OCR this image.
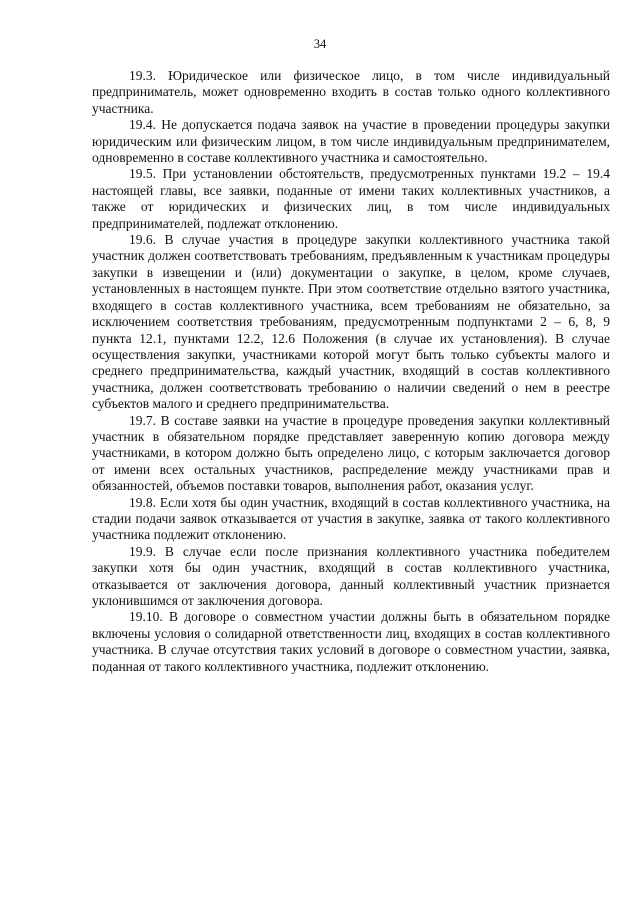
34

19.3. Юридическое или физическое лицо, в том числе индивидуальный предприниматель, может одновременно входить в состав только одного коллективного участника.

19.4. Не допускается подача заявок на участие в проведении процедуры закупки юридическим или физическим лицом, в том числе индивидуальным предпринимателем, одновременно в составе коллективного участника и самостоятельно.

19.5. При установлении обстоятельств, предусмотренных пунктами 19.2 – 19.4 настоящей главы, все заявки, поданные от имени таких коллективных участников, а также от юридических и физических лиц, в том числе индивидуальных предпринимателей, подлежат отклонению.

19.6. В случае участия в процедуре закупки коллективного участника такой участник должен соответствовать требованиям, предъявленным к участникам процедуры закупки в извещении и (или) документации о закупке, в целом, кроме случаев, установленных в настоящем пункте. При этом соответствие отдельно взятого участника, входящего в состав коллективного участника, всем требованиям не обязательно, за исключением соответствия требованиям, предусмотренным подпунктами 2 – 6, 8, 9 пункта 12.1, пунктами 12.2, 12.6 Положения (в случае их установления). В случае осуществления закупки, участниками которой могут быть только субъекты малого и среднего предпринимательства, каждый участник, входящий в состав коллективного участника, должен соответствовать требованию о наличии сведений о нем в реестре субъектов малого и среднего предпринимательства.

19.7. В составе заявки на участие в процедуре проведения закупки коллективный участник в обязательном порядке представляет заверенную копию договора между участниками, в котором должно быть определено лицо, с которым заключается договор от имени всех остальных участников, распределение между участниками прав и обязанностей, объемов поставки товаров, выполнения работ, оказания услуг.

19.8. Если хотя бы один участник, входящий в состав коллективного участника, на стадии подачи заявок отказывается от участия в закупке, заявка от такого коллективного участника подлежит отклонению.

19.9. В случае если после признания коллективного участника победителем закупки хотя бы один участник, входящий в состав коллективного участника, отказывается от заключения договора, данный коллективный участник признается уклонившимся от заключения договора.

19.10. В договоре о совместном участии должны быть в обязательном порядке включены условия о солидарной ответственности лиц, входящих в состав коллективного участника. В случае отсутствия таких условий в договоре о совместном участии, заявка, поданная от такого коллективного участника, подлежит отклонению.
